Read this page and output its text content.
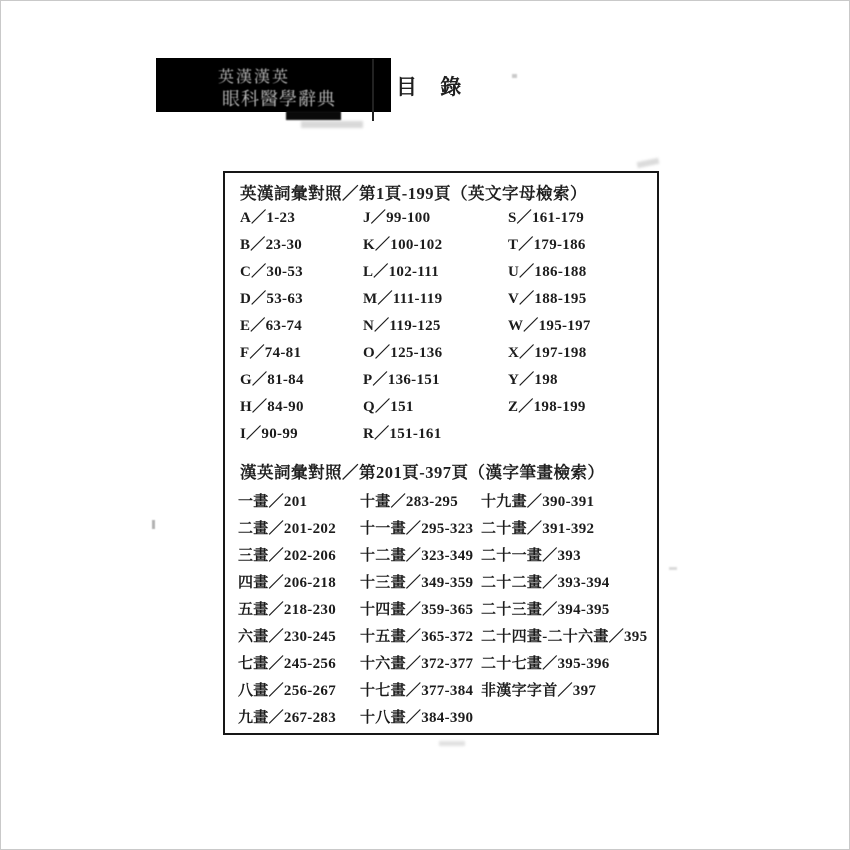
英漢漢英
眼科醫學辭典	目 錄
英漢詞彙對照／第1頁-199頁（英文字母檢索）
A／1-23
B／23-30
C／30-53
D／53-63
E／63-74
F／74-81
G／81-84
H／84-90
I／90-99
J／99-100
K／100-102
L／102-111
M／111-119
N／119-125
O／125-136
P／136-151
Q／151
R／151-161
S／161-179
T／179-186
U／186-188
V／188-195
W／195-197
X／197-198
Y／198
Z／198-199
漢英詞彙對照／第201頁-397頁（漢字筆畫檢索）
一畫／201
二畫／201-202
三畫／202-206
四畫／206-218
五畫／218-230
六畫／230-245
七畫／245-256
八畫／256-267
九畫／267-283
十畫／283-295
十一畫／295-323
十二畫／323-349
十三畫／349-359
十四畫／359-365
十五畫／365-372
十六畫／372-377
十七畫／377-384
十八畫／384-390
十九畫／390-391
二十畫／391-392
二十一畫／393
二十二畫／393-394
二十三畫／394-395
二十四畫-二十六畫／395
二十七畫／395-396
非漢字字首／397
